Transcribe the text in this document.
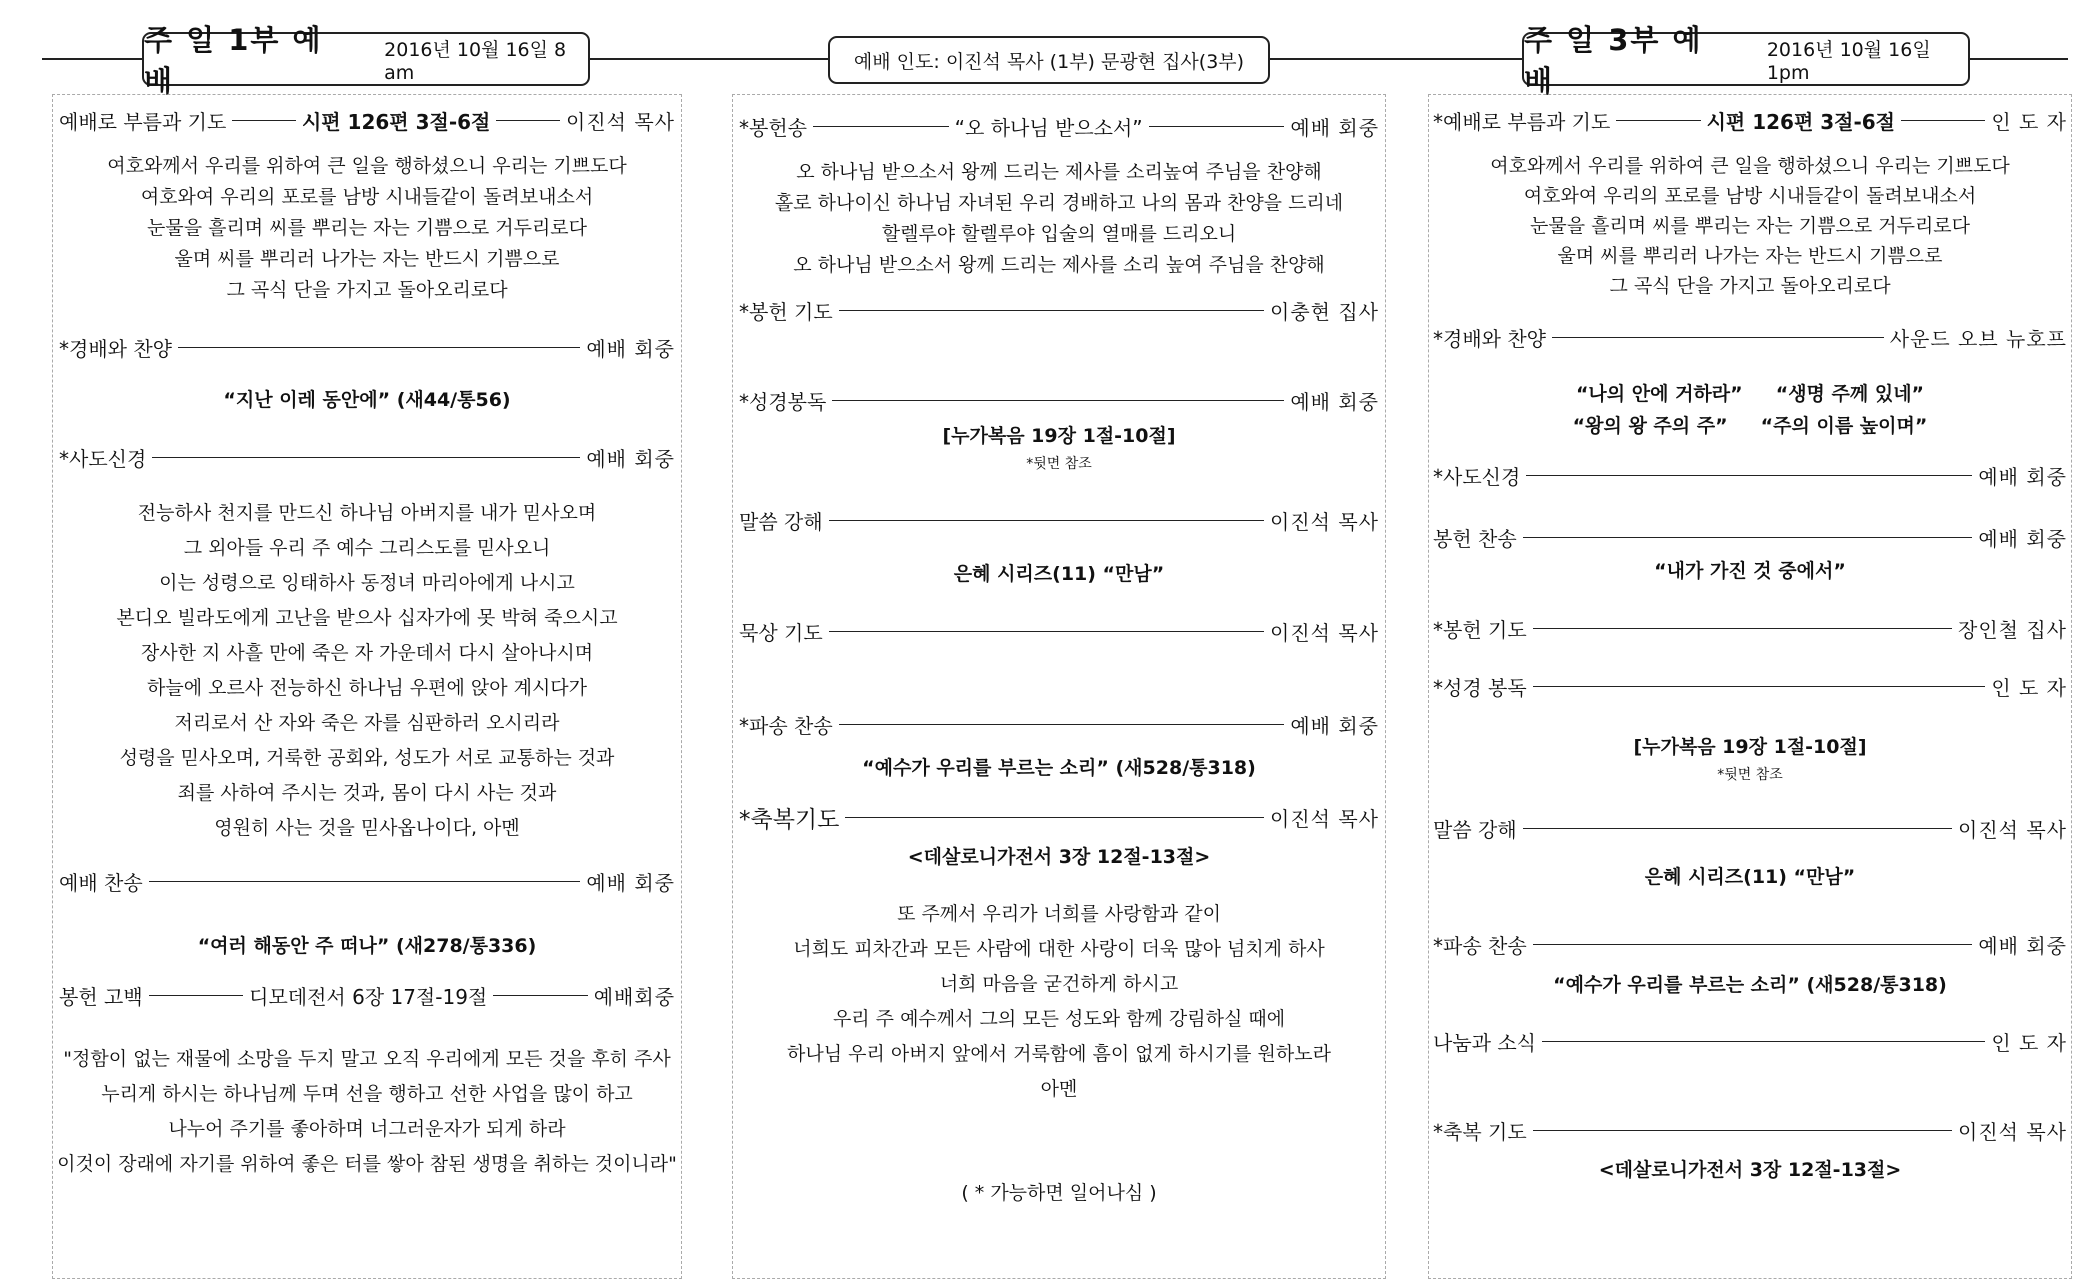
주 일 1부 예 배
2016년 10월 16일 8 am	예배 인도: 이진석 목사 (1부) 문광현 집사(3부)
주 일 3부 예 배
2016년 10월 16일 1pm
예배로 부름과 기도	시편 126편 3절-6절	이진석 목사
여호와께서 우리를 위하여 큰 일을 행하셨으니 우리는 기쁘도다
여호와여 우리의 포로를 남방 시내들같이 돌려보내소서
눈물을 흘리며 씨를 뿌리는 자는 기쁨으로 거두리로다
울며 씨를 뿌리러 나가는 자는 반드시 기쁨으로
그 곡식 단을 가지고 돌아오리로다
*경배와 찬양	예배 회중
“지난 이레 동안에” (새44/통56)
*사도신경	예배 회중
전능하사 천지를 만드신 하나님 아버지를 내가 믿사오며
그 외아들 우리 주 예수 그리스도를 믿사오니
이는 성령으로 잉태하사 동정녀 마리아에게 나시고
본디오 빌라도에게 고난을 받으사 십자가에 못 박혀 죽으시고
장사한 지 사흘 만에 죽은 자 가운데서 다시 살아나시며
하늘에 오르사 전능하신 하나님 우편에 앉아 계시다가
저리로서 산 자와 죽은 자를 심판하러 오시리라
성령을 믿사오며, 거룩한 공회와, 성도가 서로 교통하는 것과
죄를 사하여 주시는 것과, 몸이 다시 사는 것과
영원히 사는 것을 믿사옵나이다, 아멘
예배 찬송	예배 회중
“여러 해동안 주 떠나” (새278/통336)
봉헌 고백	디모데전서 6장 17절-19절	예배회중
"정함이 없는 재물에 소망을 두지 말고 오직 우리에게 모든 것을 후히 주사
누리게 하시는 하나님께 두며 선을 행하고 선한 사업을 많이 하고
나누어 주기를 좋아하며 너그러운자가 되게 하라
이것이 장래에 자기를 위하여 좋은 터를 쌓아 참된 생명을 취하는 것이니라"
*봉헌송	“오 하나님 받으소서”	예배 회중
오 하나님 받으소서 왕께 드리는 제사를 소리높여 주님을 찬양해
홀로 하나이신 하나님 자녀된 우리 경배하고 나의 몸과 찬양을 드리네
할렐루야 할렐루야 입술의 열매를 드리오니
오 하나님 받으소서 왕께 드리는 제사를 소리 높여 주님을 찬양해
*봉헌 기도	이충현 집사
*성경봉독	예배 회중
[누가복음 19장 1절-10절]
*뒷면 참조
말씀 강해	이진석 목사
은혜 시리즈(11) “만남”
묵상 기도	이진석 목사
*파송 찬송	예배 회중
“예수가 우리를 부르는 소리” (새528/통318)
*축복기도	이진석 목사
<데살로니가전서 3장 12절-13절>
또 주께서 우리가 너희를 사랑함과 같이
너희도 피차간과 모든 사람에 대한 사랑이 더욱 많아 넘치게 하사
너희 마음을 굳건하게 하시고
우리 주 예수께서 그의 모든 성도와 함께 강림하실 때에
하나님 우리 아버지 앞에서 거룩함에 흠이 없게 하시기를 원하노라
아멘
( * 가능하면 일어나심 )
*예배로 부름과 기도	시편 126편 3절-6절	인 도 자
여호와께서 우리를 위하여 큰 일을 행하셨으니 우리는 기쁘도다
여호와여 우리의 포로를 남방 시내들같이 돌려보내소서
눈물을 흘리며 씨를 뿌리는 자는 기쁨으로 거두리로다
울며 씨를 뿌리러 나가는 자는 반드시 기쁨으로
그 곡식 단을 가지고 돌아오리로다
*경배와 찬양	사운드 오브 뉴호프
“나의 안에 거하라” “생명 주께 있네”
“왕의 왕 주의 주” “주의 이름 높이며”
*사도신경	예배 회중
봉헌 찬송	예배 회중
“내가 가진 것 중에서”
*봉헌 기도	장인철 집사
*성경 봉독	인 도 자
[누가복음 19장 1절-10절]
*뒷면 참조
말씀 강해	이진석 목사
은혜 시리즈(11) “만남”
*파송 찬송	예배 회중
“예수가 우리를 부르는 소리” (새528/통318)
나눔과 소식	인 도 자
*축복 기도	이진석 목사
<데살로니가전서 3장 12절-13절>
